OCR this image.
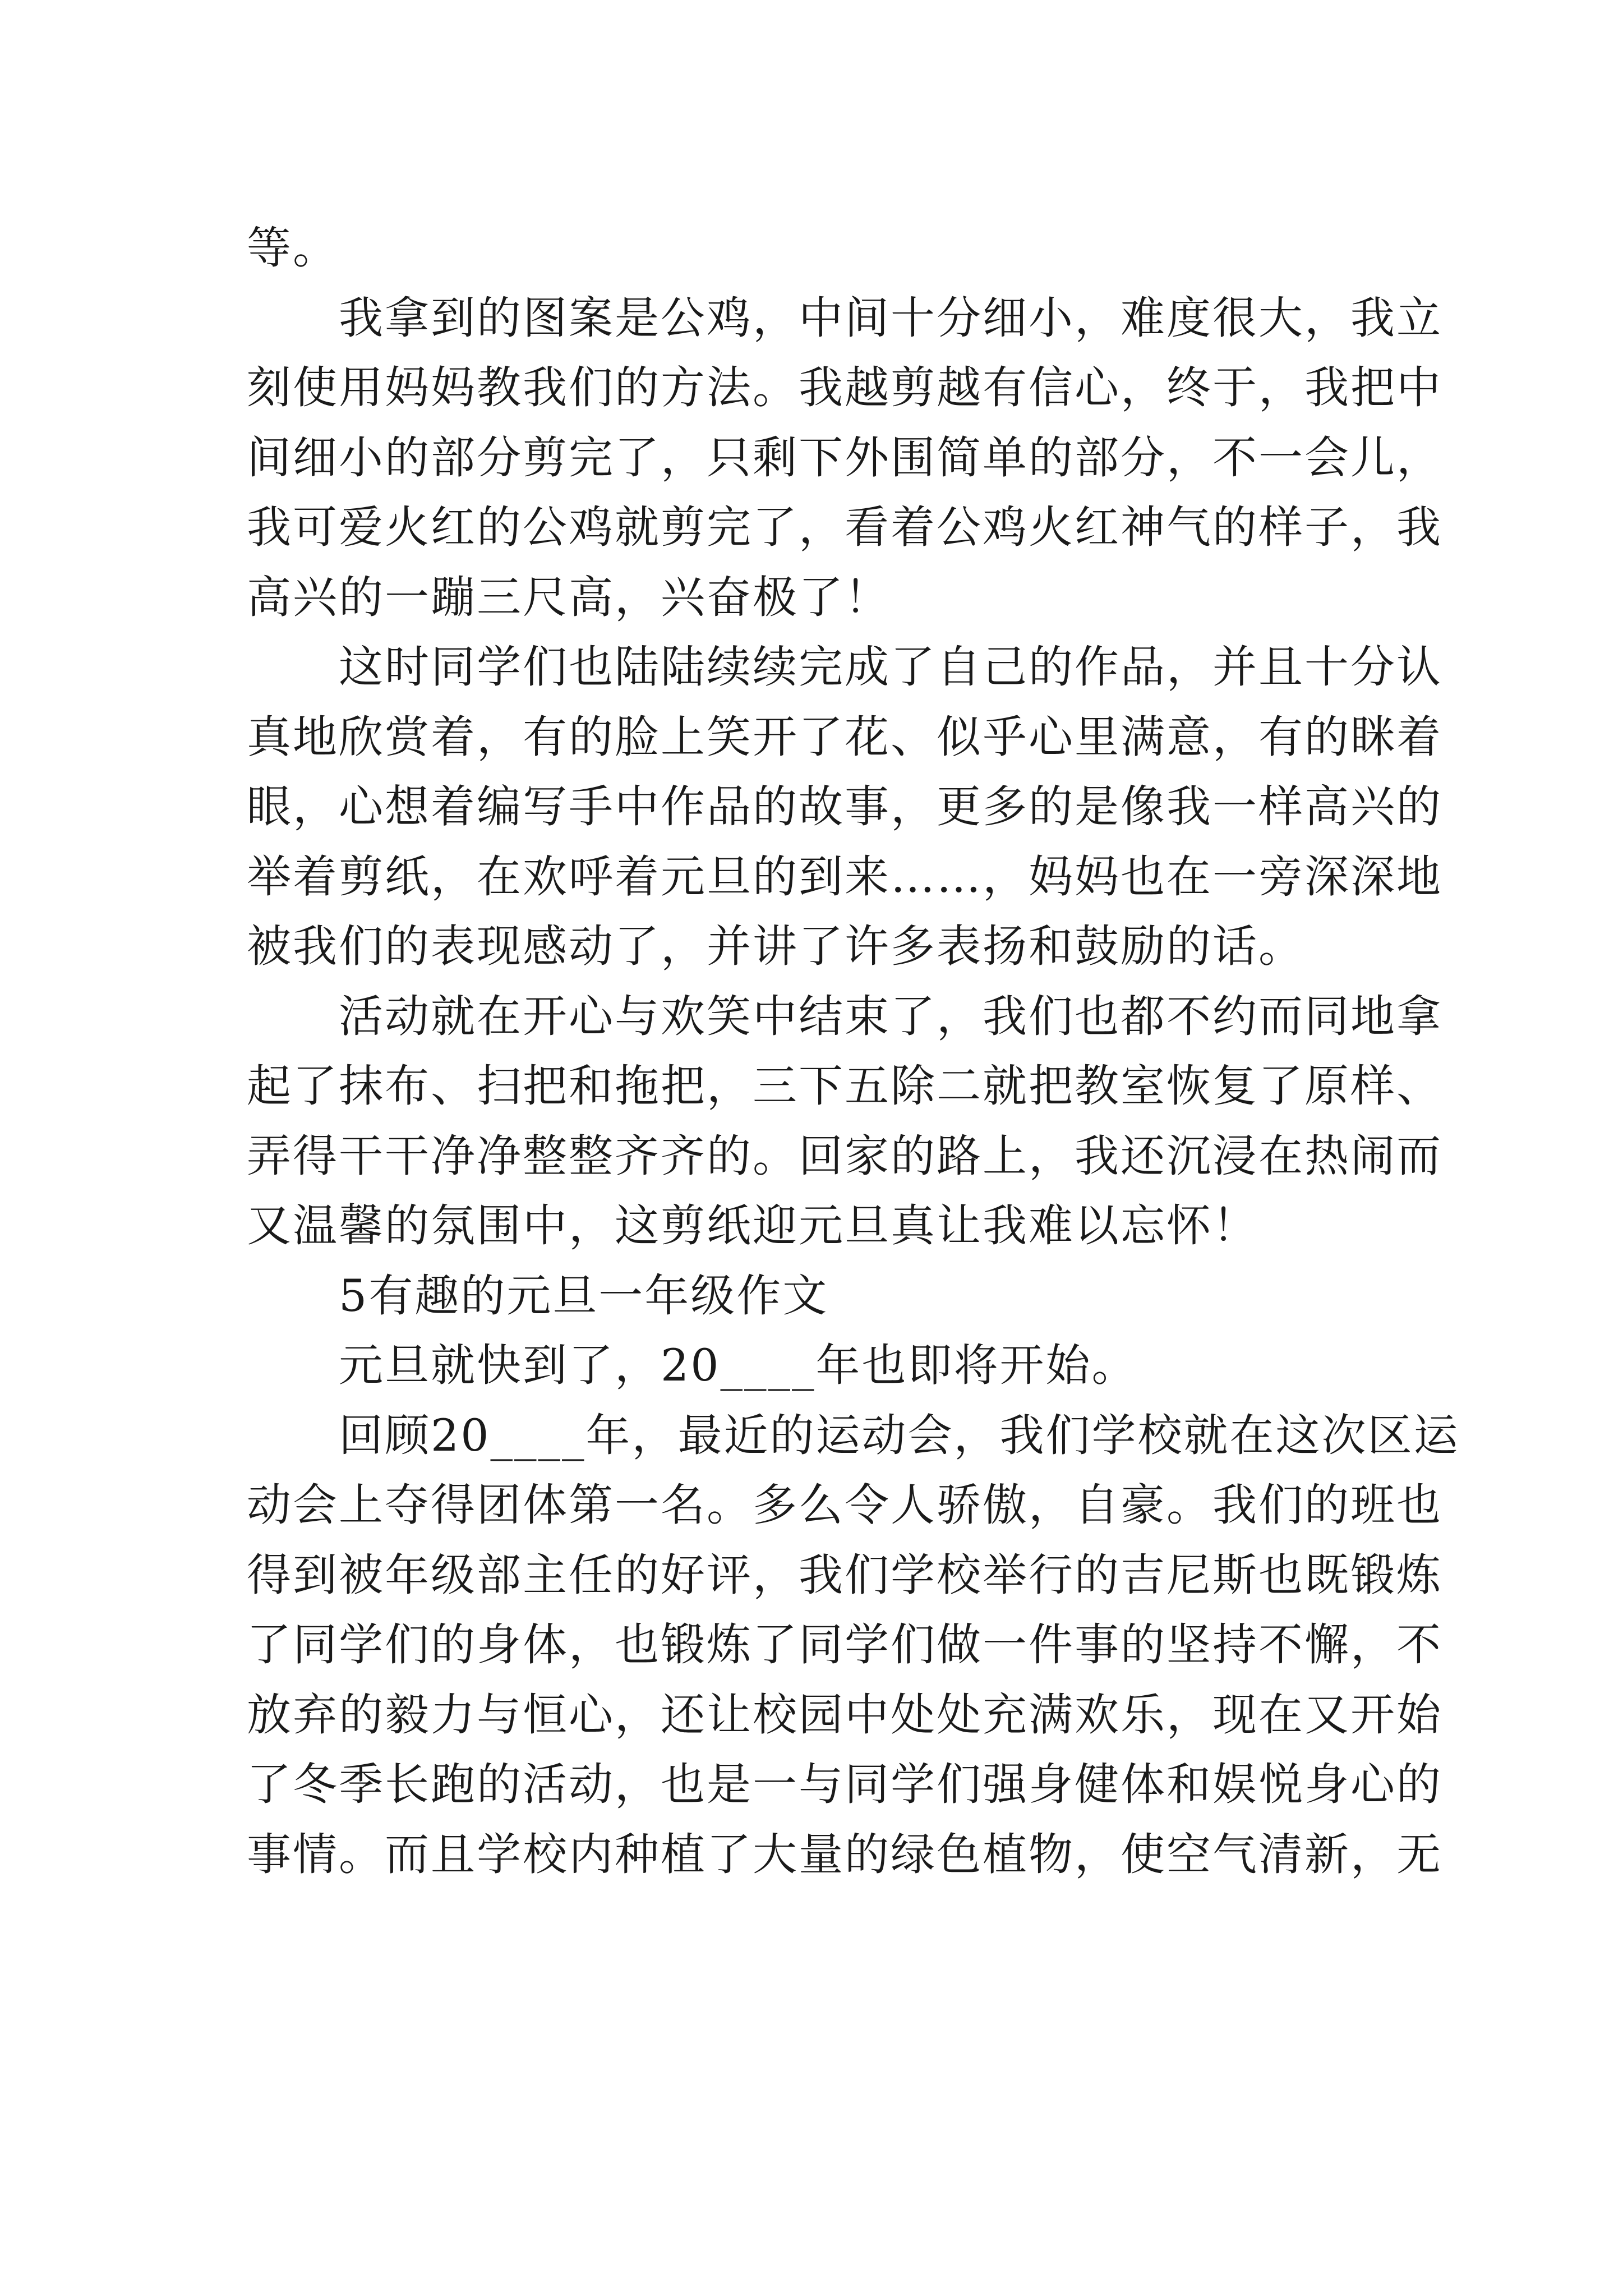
等。
我拿到的图案是公鸡，中间十分细小，难度很大，我立
刻使用妈妈教我们的方法。我越剪越有信心，终于，我把中
间细小的部分剪完了，只剩下外围简单的部分，不一会儿，
我可爱火红的公鸡就剪完了，看着公鸡火红神气的样子，我
高兴的一蹦三尺高，兴奋极了！
这时同学们也陆陆续续完成了自己的作品，并且十分认
真地欣赏着，有的脸上笑开了花、似乎心里满意，有的眯着
眼，心想着编写手中作品的故事，更多的是像我一样高兴的
举着剪纸，在欢呼着元旦的到来……，妈妈也在一旁深深地
被我们的表现感动了，并讲了许多表扬和鼓励的话。
活动就在开心与欢笑中结束了，我们也都不约而同地拿
起了抹布、扫把和拖把，三下五除二就把教室恢复了原样、
弄得干干净净整整齐齐的。回家的路上，我还沉浸在热闹而
又温馨的氛围中，这剪纸迎元旦真让我难以忘怀！
5有趣的元旦一年级作文
元旦就快到了，20____年也即将开始。
回顾20____年，最近的运动会，我们学校就在这次区运
动会上夺得团体第一名。多么令人骄傲，自豪。我们的班也
得到被年级部主任的好评，我们学校举行的吉尼斯也既锻炼
了同学们的身体，也锻炼了同学们做一件事的坚持不懈，不
放弃的毅力与恒心，还让校园中处处充满欢乐，现在又开始
了冬季长跑的活动，也是一与同学们强身健体和娱悦身心的
事情。而且学校内种植了大量的绿色植物，使空气清新，无
